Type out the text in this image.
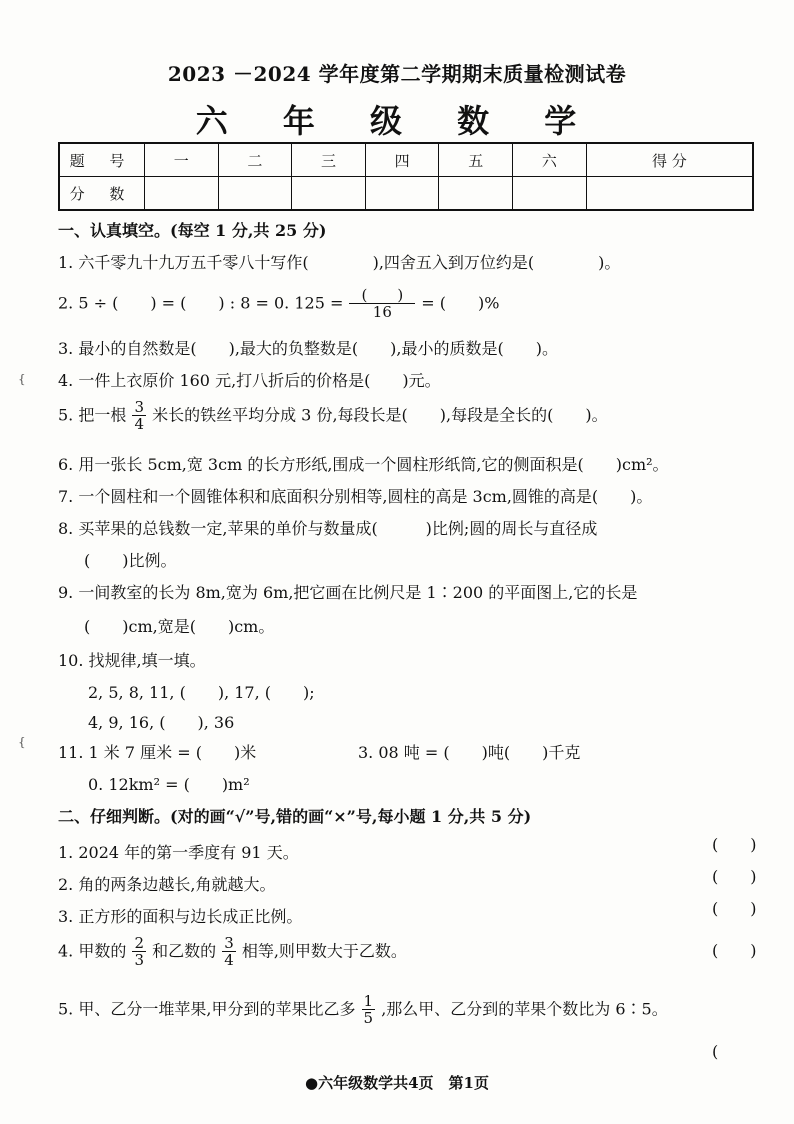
2023 －2024 学年度第二学期期末质量检测试卷
六 年 级 数 学
题 号	一	二	三	四	五	六	得 分
分 数							
{
{
一、认真填空。(每空 1 分,共 25 分)
1. 六千零九十九万五千零八十写作(　　　　),四舍五入到万位约是(　　　　)。
2. 5 ÷ (　　) = (　　) : 8 = 0. $125 = \frac{( )}{16}$ = (　　)%
3. 最小的自然数是(　　),最大的负整数是(　　),最小的质数是(　　)。
4. 一件上衣原价 160 元,打八折后的价格是(　　)元。
5. 把一根 $\frac{3}{4}$ 米长的铁丝平均分成 3 份,每段长是(　　),每段是全长的(　　)。
6. 用一张长 5cm,宽 3cm 的长方形纸,围成一个圆柱形纸筒,它的侧面积是(　　)cm²。
7. 一个圆柱和一个圆锥体积和底面积分别相等,圆柱的高是 3cm,圆锥的高是(　　)。
8. 买苹果的总钱数一定,苹果的单价与数量成(　　　)比例;圆的周长与直径成
(　　)比例。
9. 一间教室的长为 8m,宽为 6m,把它画在比例尺是 1∶200 的平面图上,它的长是
(　　)cm,宽是(　　)cm。
10. 找规律,填一填。
2, 5, 8, 11, (　　), 17, (　　);
4, 9, 16, (　　), 36
11. 1 米 7 厘米 = (　　)米	3. 08 吨 = (　　)吨(　　)千克
0. 12km² = (　　)m²
二、仔细判断。(对的画“√”号,错的画“×”号,每小题 1 分,共 5 分)
1. 2024 年的第一季度有 91 天。	(　　)
2. 角的两条边越长,角就越大。	(　　)
3. 正方形的面积与边长成正比例。	(　　)
4. 甲数的 $\frac{2}{3}$ 和乙数的 $\frac{3}{4}$ 相等,则甲数大于乙数。	(　　)
5. 甲、乙分一堆苹果,甲分到的苹果比乙多 $\frac{1}{5}$ ,那么甲、乙分到的苹果个数比为 6∶5。
(
●六年级数学共4页　第1页
